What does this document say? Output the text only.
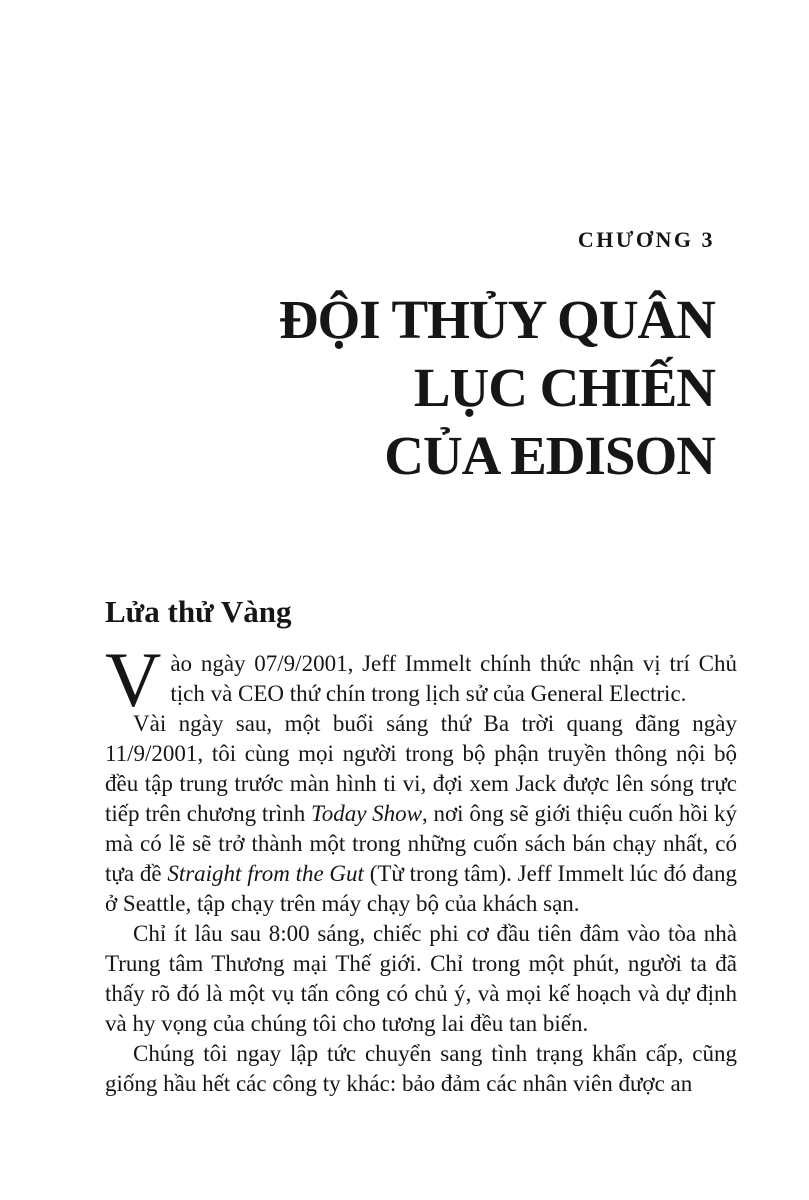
CHƯƠNG 3
ĐỘI THỦY QUÂN
LỤC CHIẾN
CỦA EDISON
Lửa thử Vàng

Vào ngày 07/9/2001, Jeff Immelt chính thức nhận vị trí Chủ tịch và CEO thứ chín trong lịch sử của General Electric.

Vài ngày sau, một buổi sáng thứ Ba trời quang đãng ngày 11/9/2001, tôi cùng mọi người trong bộ phận truyền thông nội bộ đều tập trung trước màn hình ti vi, đợi xem Jack được lên sóng trực tiếp trên chương trình Today Show, nơi ông sẽ giới thiệu cuốn hồi ký mà có lẽ sẽ trở thành một trong những cuốn sách bán chạy nhất, có tựa đề Straight from the Gut (Từ trong tâm). Jeff Immelt lúc đó đang ở Seattle, tập chạy trên máy chạy bộ của khách sạn.

Chỉ ít lâu sau 8:00 sáng, chiếc phi cơ đầu tiên đâm vào tòa nhà Trung tâm Thương mại Thế giới. Chỉ trong một phút, người ta đã thấy rõ đó là một vụ tấn công có chủ ý, và mọi kế hoạch và dự định và hy vọng của chúng tôi cho tương lai đều tan biến.

Chúng tôi ngay lập tức chuyển sang tình trạng khẩn cấp, cũng giống hầu hết các công ty khác: bảo đảm các nhân viên được an
